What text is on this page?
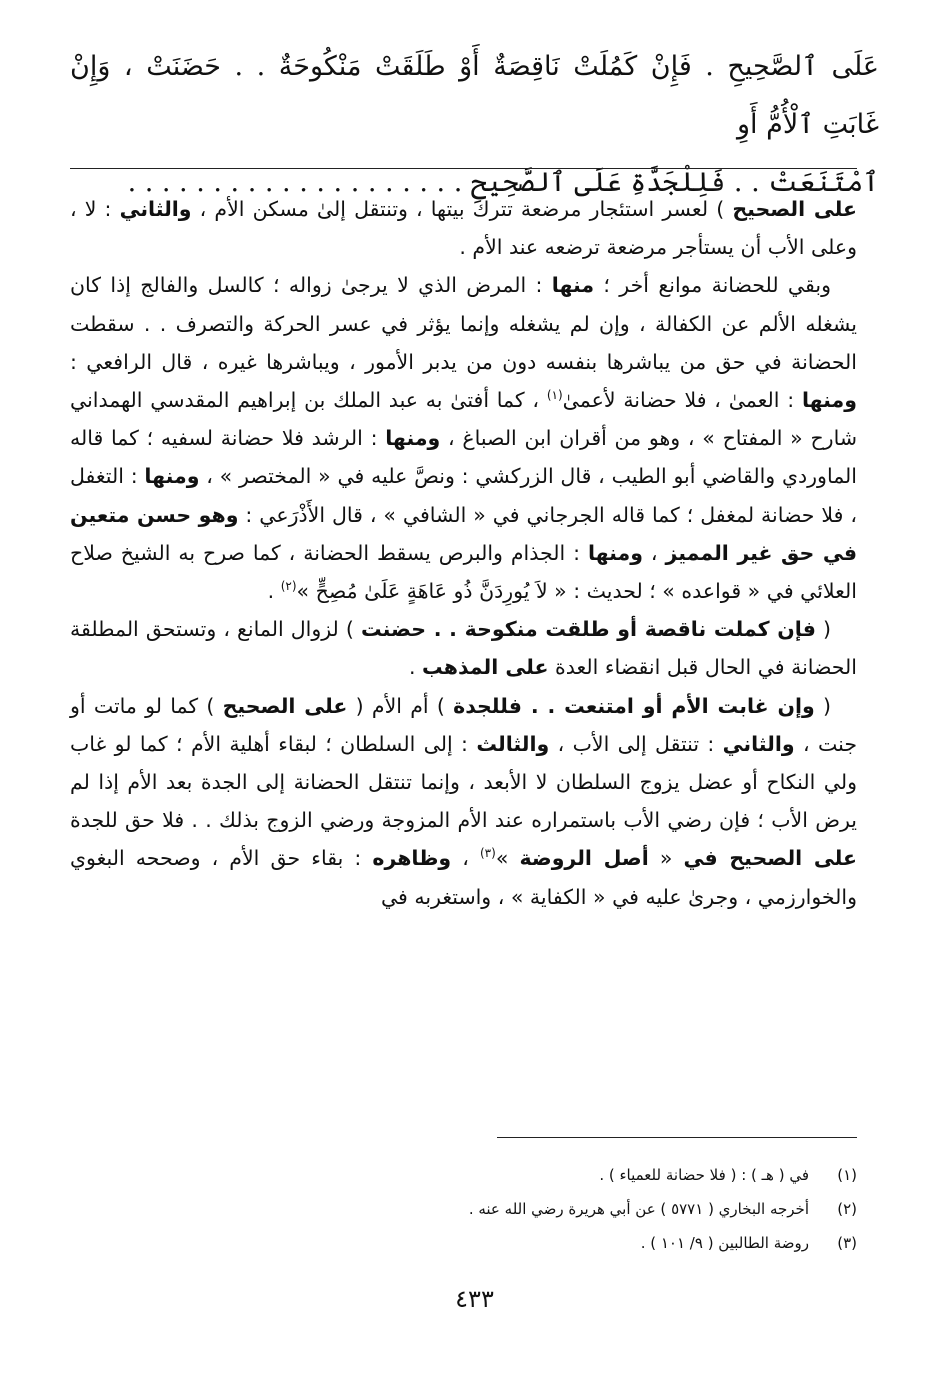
عَلَى ٱلصَّحِيحِ . فَإِنْ كَمُلَتْ نَاقِصَةٌ أَوْ طَلَقَتْ مَنْكُوحَةٌ . . حَضَنَتْ ، وَإِنْ غَابَتِ ٱلْأُمُّ أَوِ

ٱمْتَنَعَتْ . . فَلِلْجَدَّةِ عَلَى ٱلصَّحِيحِ . . . . . . . . . . . . . . . . . . . .

على الصحيح ) لعسر استئجار مرضعة تترك بيتها ، وتنتقل إلىٰ مسكن الأم ، والثاني : لا ، وعلى الأب أن يستأجر مرضعة ترضعه عند الأم .

وبقي للحضانة موانع أخر ؛ منها : المرض الذي لا يرجىٰ زواله ؛ كالسل والفالج إذا كان يشغله الألم عن الكفالة ، وإن لم يشغله وإنما يؤثر في عسر الحركة والتصرف . . سقطت الحضانة في حق من يباشرها بنفسه دون من يدبر الأمور ، ويباشرها غيره ، قال الرافعي : ومنها : العمىٰ ، فلا حضانة لأعمىٰ$^{(١)}$ ، كما أفتىٰ به عبد الملك بن إبراهيم المقدسي الهمداني شارح « المفتاح » ، وهو من أقران ابن الصباغ ، ومنها : الرشد فلا حضانة لسفيه ؛ كما قاله الماوردي والقاضي أبو الطيب ، قال الزركشي : ونصَّ عليه في « المختصر » ، ومنها : التغفل ، فلا حضانة لمغفل ؛ كما قاله الجرجاني في « الشافي » ، قال الأَذْرَعي : وهو حسن متعين في حق غير المميز ، ومنها : الجذام والبرص يسقط الحضانة ، كما صرح به الشيخ صلاح العلائي في « قواعده » ؛ لحديث : « لاَ يُورِدَنَّ ذُو عَاهَةٍ عَلَىٰ مُصِحٍّ »$^{(٢)}$ .

( فإن كملت ناقصة أو طلقت منكوحة . . حضنت ) لزوال المانع ، وتستحق المطلقة الحضانة في الحال قبل انقضاء العدة على المذهب .

( وإن غابت الأم أو امتنعت . . فللجدة ) أم الأم ( على الصحيح ) كما لو ماتت أو جنت ، والثاني : تنتقل إلى الأب ، والثالث : إلى السلطان ؛ لبقاء أهلية الأم ؛ كما لو غاب ولي النكاح أو عضل يزوج السلطان لا الأبعد ، وإنما تنتقل الحضانة إلى الجدة بعد الأم إذا لم يرض الأب ؛ فإن رضي الأب باستمراره عند الأم المزوجة ورضي الزوج بذلك . . فلا حق للجدة على الصحيح في « أصل الروضة »$^{(٣)}$ ، وظاهره : بقاء حق الأم ، وصححه البغوي والخوارزمي ، وجرىٰ عليه في « الكفاية » ، واستغربه في

(١)
في ( هـ ) : ( فلا حضانة للعمياء ) .
(٢)
أخرجه البخاري ( ٥٧٧١ ) عن أبي هريرة رضي الله عنه .
(٣)
روضة الطالبين ( ٩/ ١٠١ ) .
٤٣٣
